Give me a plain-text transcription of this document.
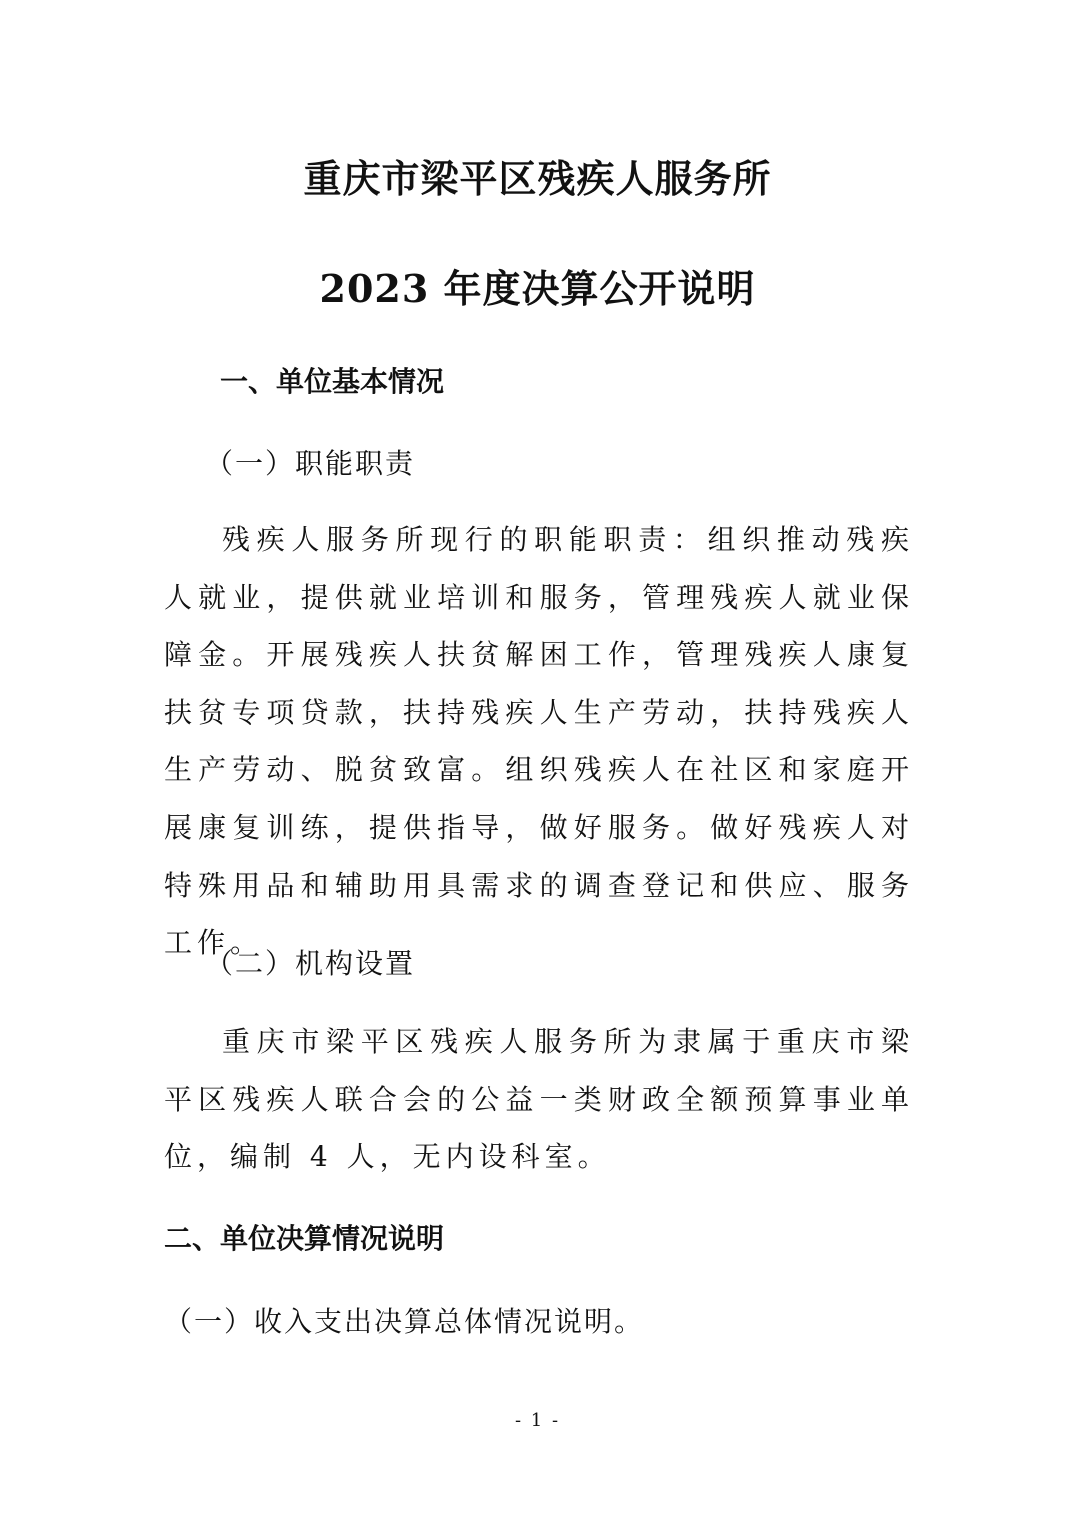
重庆市梁平区残疾人服务所
2023 年度决算公开说明
一、单位基本情况
（一）职能职责
残疾人服务所现行的职能职责：组织推动残疾人就业，提供就业培训和服务，管理残疾人就业保障金。开展残疾人扶贫解困工作，管理残疾人康复扶贫专项贷款，扶持残疾人生产劳动，扶持残疾人生产劳动、脱贫致富。组织残疾人在社区和家庭开展康复训练，提供指导，做好服务。做好残疾人对特殊用品和辅助用具需求的调查登记和供应、服务工作。
（二）机构设置
重庆市梁平区残疾人服务所为隶属于重庆市梁平区残疾人联合会的公益一类财政全额预算事业单位，编制 4 人，无内设科室。
二、单位决算情况说明
（一）收入支出决算总体情况说明。
- 1 -
